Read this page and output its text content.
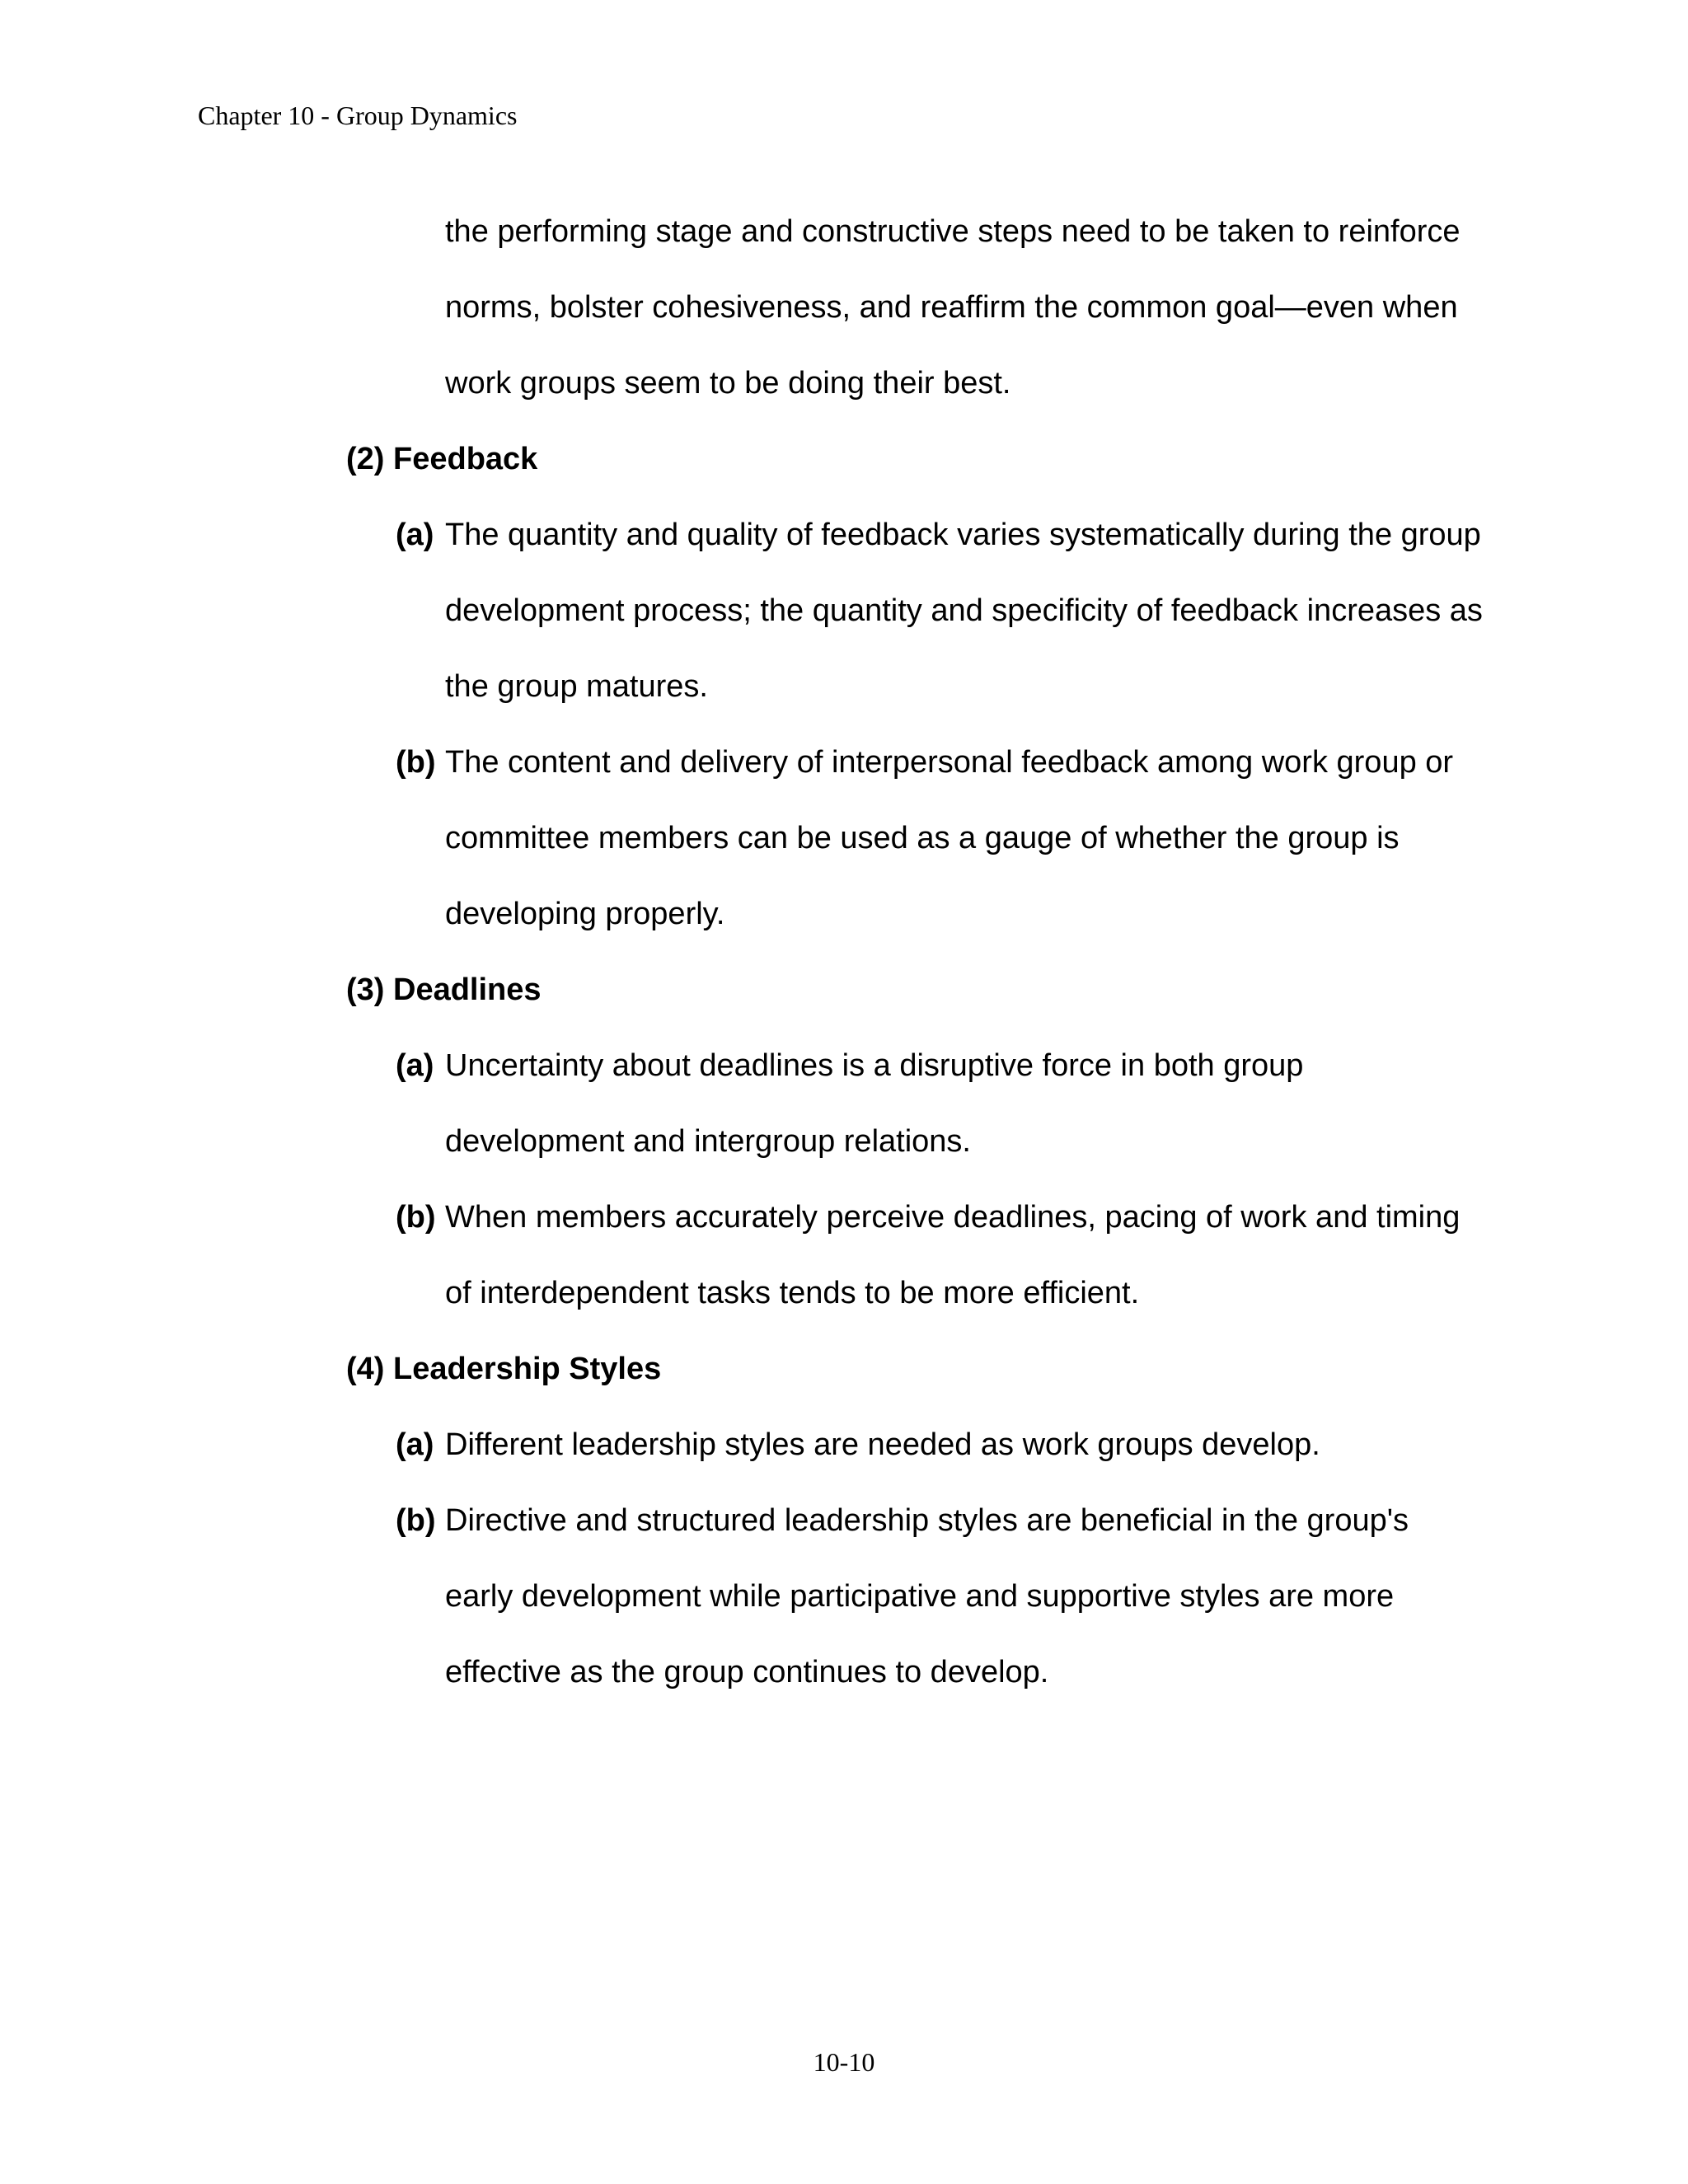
Chapter 10 - Group Dynamics
the performing stage and constructive steps need to be taken to reinforce norms, bolster cohesiveness, and reaffirm the common goal—even when work groups seem to be doing their best.
(2) Feedback
(a) The quantity and quality of feedback varies systematically during the group development process; the quantity and specificity of feedback increases as the group matures.
(b) The content and delivery of interpersonal feedback among work group or committee members can be used as a gauge of whether the group is developing properly.
(3) Deadlines
(a) Uncertainty about deadlines is a disruptive force in both group development and intergroup relations.
(b) When members accurately perceive deadlines, pacing of work and timing of interdependent tasks tends to be more efficient.
(4) Leadership Styles
(a) Different leadership styles are needed as work groups develop.
(b) Directive and structured leadership styles are beneficial in the group's early development while participative and supportive styles are more effective as the group continues to develop.
10-10
